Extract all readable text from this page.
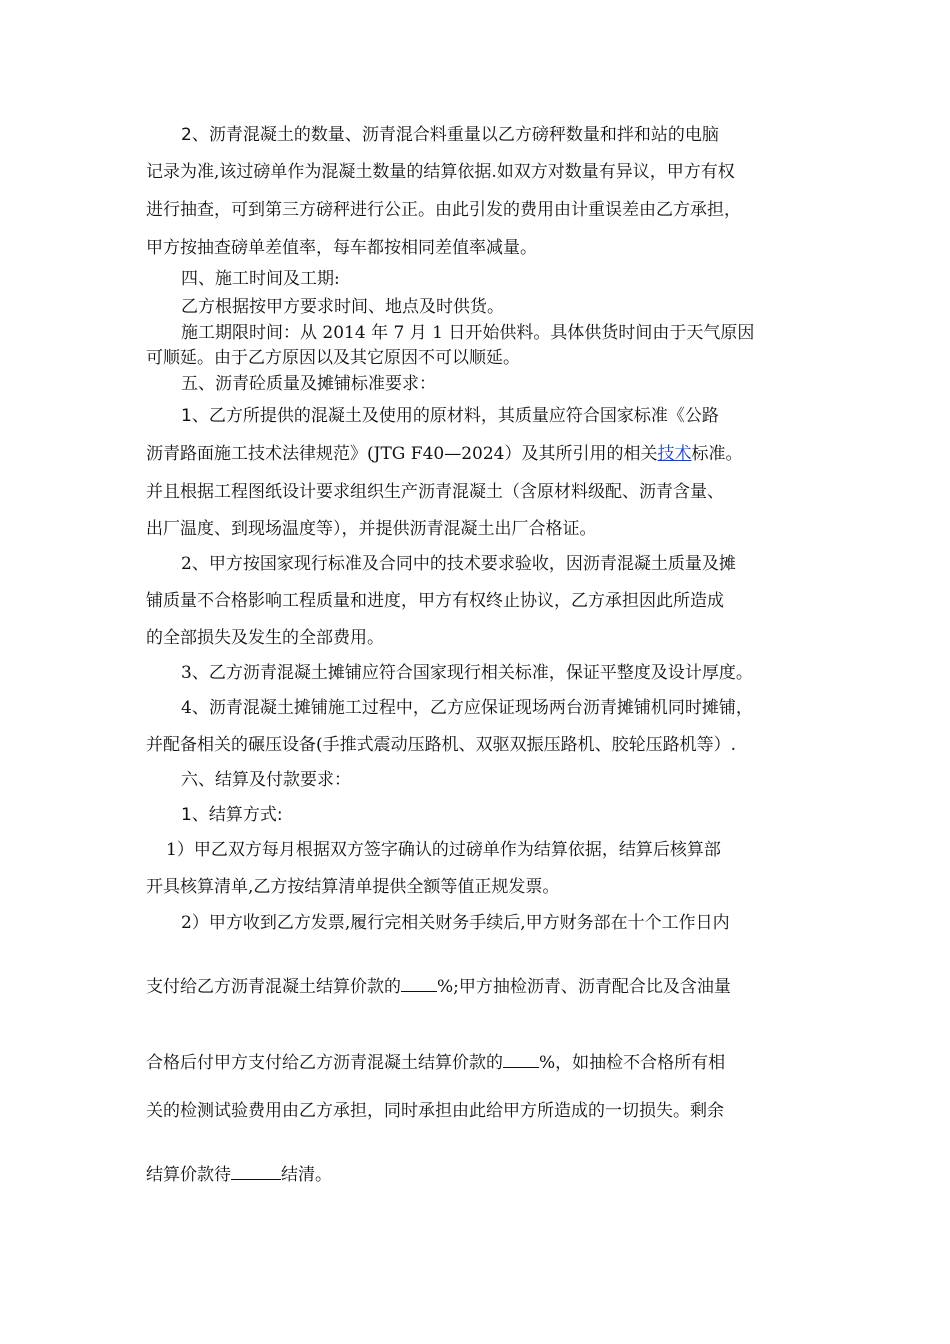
2、沥青混凝土的数量、沥青混合料重量以乙方磅秤数量和拌和站的电脑
记录为准,该过磅单作为混凝土数量的结算依据.如双方对数量有异议，甲方有权
进行抽查，可到第三方磅秤进行公正。由此引发的费用由计重误差由乙方承担，
甲方按抽查磅单差值率，每车都按相同差值率减量。
四、施工时间及工期:
乙方根据按甲方要求时间、地点及时供货。
施工期限时间：从 2014 年 7 月 1 日开始供料。具体供货时间由于天气原因
可顺延。由于乙方原因以及其它原因不可以顺延。
五、沥青砼质量及摊铺标准要求：
1、乙方所提供的混凝土及使用的原材料，其质量应符合国家标准《公路
沥青路面施工技术法律规范》(JTG F40—2024）及其所引用的相关技术标准。
并且根据工程图纸设计要求组织生产沥青混凝土（含原材料级配、沥青含量、
出厂温度、到现场温度等），并提供沥青混凝土出厂合格证。
2、甲方按国家现行标准及合同中的技术要求验收，因沥青混凝土质量及摊
铺质量不合格影响工程质量和进度，甲方有权终止协议，乙方承担因此所造成
的全部损失及发生的全部费用。
3、乙方沥青混凝土摊铺应符合国家现行相关标准，保证平整度及设计厚度。
4、沥青混凝土摊铺施工过程中，乙方应保证现场两台沥青摊铺机同时摊铺，
并配备相关的碾压设备(手推式震动压路机、双驱双振压路机、胶轮压路机等）.
六、结算及付款要求：
1、结算方式:
1）甲乙双方每月根据双方签字确认的过磅单作为结算依据，结算后核算部
开具核算清单,乙方按结算清单提供全额等值正规发票。
2）甲方收到乙方发票,履行完相关财务手续后,甲方财务部在十个工作日内
支付给乙方沥青混凝土结算价款的 %;甲方抽检沥青、沥青配合比及含油量
合格后付甲方支付给乙方沥青混凝土结算价款的 %，如抽检不合格所有相
关的检测试验费用由乙方承担，同时承担由此给甲方所造成的一切损失。剩余
结算价款待	结清。
